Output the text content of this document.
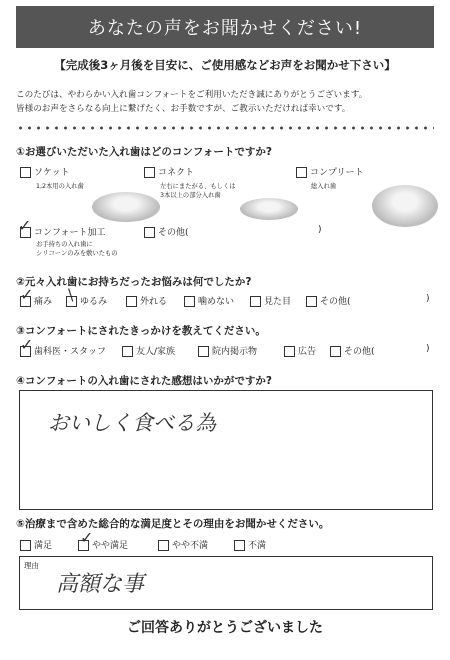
あなたの声をお聞かせください!
【完成後3ヶ月後を目安に、ご使用感などお声をお聞かせ下さい】
このたびは、やわらかい入れ歯コンフォートをご利用いただき誠にありがとうございます。
皆様のお声をさらなる向上に繋げたく、お手数ですが、ご教示いただければ幸いです。
①お選びいただいた入れ歯はどのコンフォートですか?
ソケット
1,2本用の入れ歯
コネクト
左右にまたがる、もしくは
3本以上の部分入れ歯
コンプリート
総入れ歯
コンフォート加工
✓
お手持ちの入れ歯に
シリコーンのみを敷いたもの
その他(	)
②元々入れ歯にお持ちだったお悩みは何でしたか?
痛み
✓	ゆるみ
\	外れる	噛めない	見た目	その他(	)
③コンフォートにされたきっかけを教えてください。
歯科医・スタッフ
✓	友人/家族	院内掲示物	広告	その他(	)
④コンフォートの入れ歯にされた感想はいかがですか?
おいしく食べる為
⑤治療まで含めた総合的な満足度とその理由をお聞かせください。
満足	やや満足
✓	やや不満	不満
理由
高額な事
ご回答ありがとうございました
